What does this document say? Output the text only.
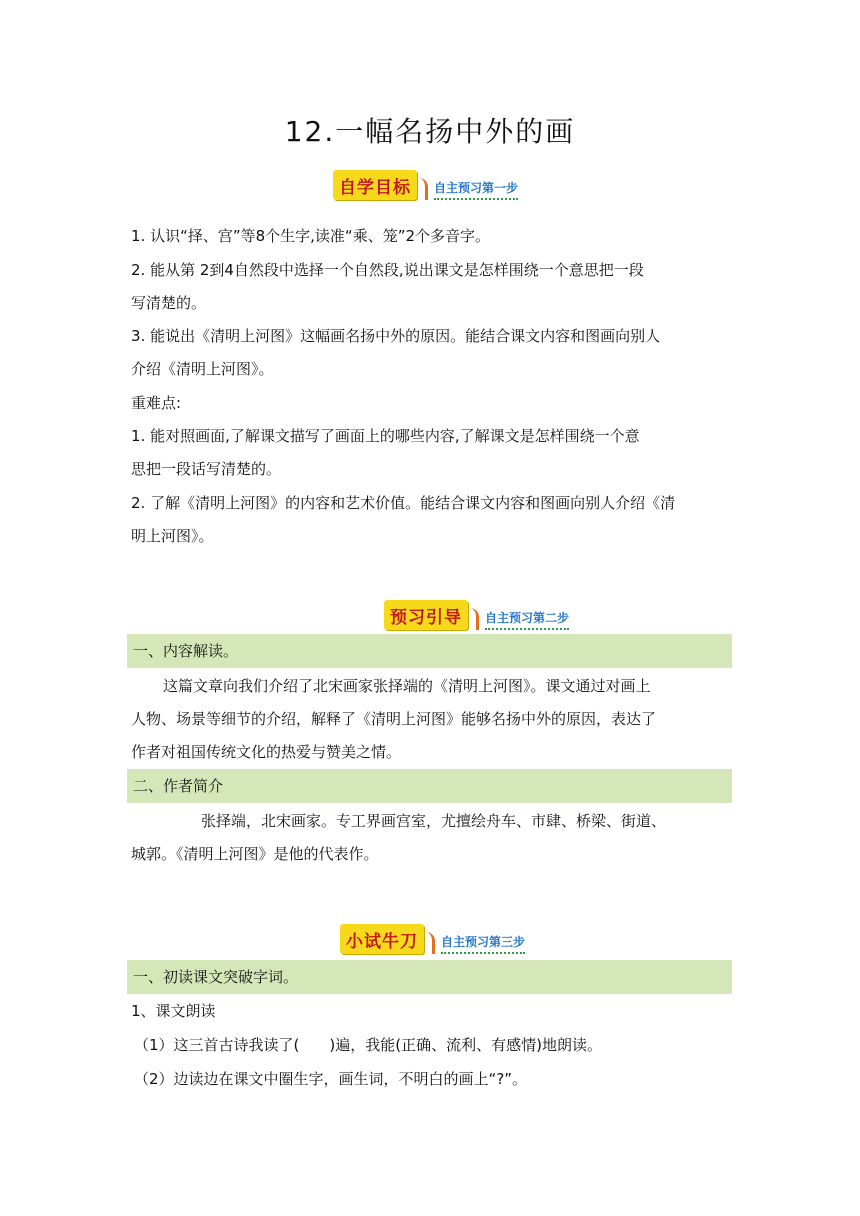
12.一幅名扬中外的画
自学目标	自主预习第一步
1. 认识“择、宫”等8个生字,读准“乘、笼”2个多音字。
2. 能从第 2到4自然段中选择一个自然段,说出课文是怎样围绕一个意思把一段
写清楚的。
3. 能说出《清明上河图》这幅画名扬中外的原因。能结合课文内容和图画向别人
介绍《清明上河图》。
重难点:
1. 能对照画面,了解课文描写了画面上的哪些内容,了解课文是怎样围绕一个意
思把一段话写清楚的。
2. 了解《清明上河图》的内容和艺术价值。能结合课文内容和图画向别人介绍《清
明上河图》。
预习引导	自主预习第二步
一、内容解读。
这篇文章向我们介绍了北宋画家张择端的《清明上河图》。课文通过对画上
人物、场景等细节的介绍，解释了《清明上河图》能够名扬中外的原因，表达了
作者对祖国传统文化的热爱与赞美之情。
二、作者简介
张择端，北宋画家。专工界画宫室，尤擅绘舟车、市肆、桥梁、街道、
城郭。《清明上河图》是他的代表作。
小试牛刀	自主预习第三步
一、初读课文突破字词。
1、课文朗读
（1）这三首古诗我读了(　　)遍，我能(正确、流利、有感情)地朗读。
（2）边读边在课文中圈生字，画生词，不明白的画上“?”。
